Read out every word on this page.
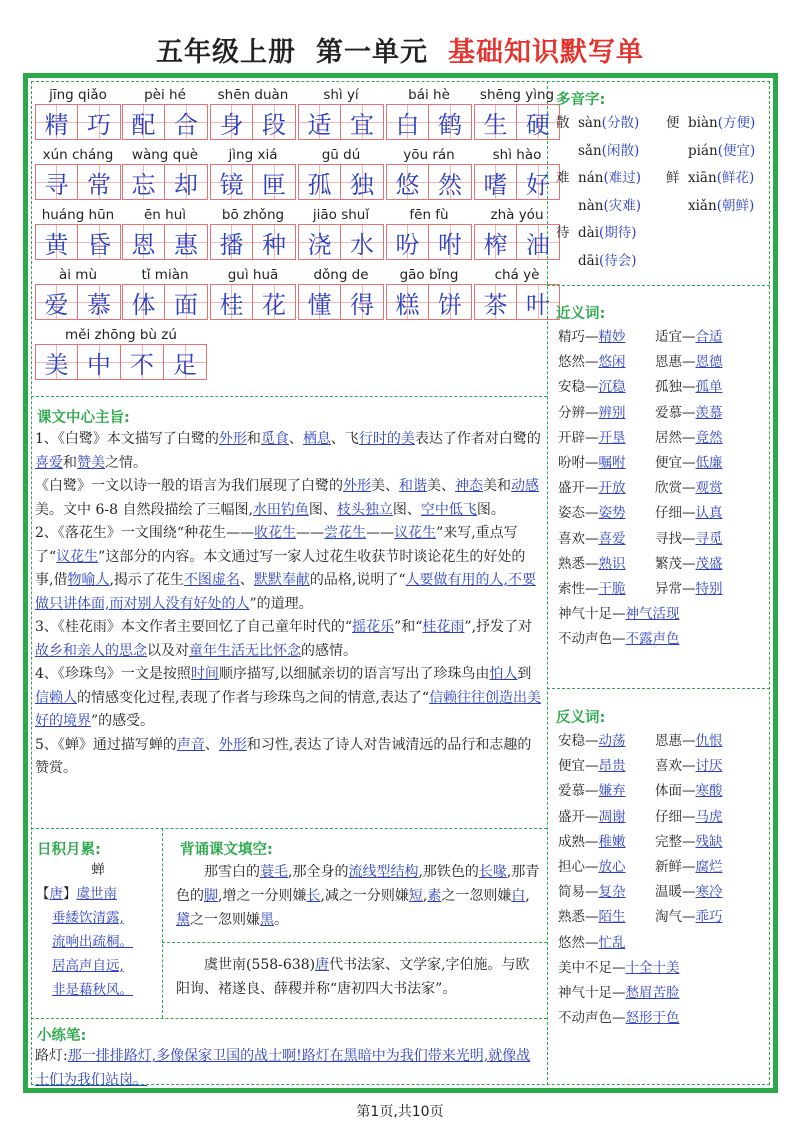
五年级上册 第一单元 基础知识默写单
jīng qiǎo
精 巧
pèi hé
配 合
shēn duàn
身 段
shì yí
适 宜
bái hè
白 鹤
shēng yìng
生 硬
xún cháng
寻 常
wàng què
忘 却
jìng xiá
镜 匣
gū dú
孤 独
yōu rán
悠 然
shì hào
嗜 好
huáng hūn
黄 昏
ēn huì
恩 惠
bō zhǒng
播 种
jiāo shuǐ
浇 水
fēn fù
吩 咐
zhà yóu
榨 油
ài mù
爱 慕
tǐ miàn
体 面
guì huā
桂 花
dǒng de
懂 得
gāo bǐng
糕 饼
chá yè
茶 叶
měi zhōng bù zú
美 中 不 足
课文中心主旨:
1、《白鹭》本文描写了白鹭的外形和觅食、栖息、飞行时的美表达了作者对白鹭的喜爱和赞美之情。
《白鹭》一文以诗一般的语言为我们展现了白鹭的外形美、和谐美、神态美和动感美。文中 6-8 自然段描绘了三幅图,水田钓鱼图、枝头独立图、空中低飞图。
2、《落花生》一文围绕“种花生——收花生——尝花生——议花生”来写,重点写了“议花生”这部分的内容。本文通过写一家人过花生收获节时谈论花生的好处的事,借物喻人,揭示了花生不图虚名、默默奉献的品格,说明了“人要做有用的人,不要做只讲体面,而对别人没有好处的人”的道理。
3、《桂花雨》本文作者主要回忆了自己童年时代的“摇花乐”和“桂花雨”,抒发了对故乡和亲人的思念以及对童年生活无比怀念的感情。
4、《珍珠鸟》一文是按照时间顺序描写,以细腻亲切的语言写出了珍珠鸟由怕人到信赖人的情感变化过程,表现了作者与珍珠鸟之间的情意,表达了“信赖往往创造出美好的境界”的感受。
5、《蝉》通过描写蝉的声音、外形和习性,表达了诗人对告诫清远的品行和志趣的赞赏。
日积月累:
蝉
【唐】虞世南
垂緌饮清露,
流响出疏桐。
居高声自远,
非是藉秋风。
背诵课文填空:
那雪白的蓑毛,那全身的流线型结构,那铁色的长喙,那青色的脚,增之一分则嫌长,减之一分则嫌短,素之一忽则嫌白,黛之一忽则嫌黑。
虞世南(558-638)唐代书法家、文学家,字伯施。与欧阳询、褚遂良、薛稷并称“唐初四大书法家”。
小练笔:
路灯:那一排排路灯,多像保家卫国的战士啊!路灯在黑暗中为我们带来光明,就像战士们为我们站岗。
多音字:
散 sàn(分散) 便 biàn(方便)
sǎn(闲散)	pián(便宜)
难 nán(难过) 鲜 xiān(鲜花)
nàn(灾难)	xiǎn(朝鲜)
待 dài(期待)
dāi(待会)
近义词:
精巧—精妙 适宜—合适
悠然—悠闲 恩惠—恩德
安稳—沉稳 孤独—孤单
分辨—辨别 爱慕—羡慕
开辟—开垦 居然—竟然
吩咐—嘱咐 便宜—低廉
盛开—开放 欣赏—观赏
姿态—姿势 仔细—认真
喜欢—喜爱 寻找—寻觅
熟悉—熟识 繁茂—茂盛
索性—干脆 异常—特别
神气十足—神气活现
不动声色—不露声色
反义词:
安稳—动荡 恩惠—仇恨
便宜—昂贵 喜欢—讨厌
爱慕—嫌弃 体面—寒酸
盛开—凋谢 仔细—马虎
成熟—稚嫩 完整—残缺
担心—放心 新鲜—腐烂
简易—复杂 温暖—寒冷
熟悉—陌生 淘气—乖巧
悠然—忙乱
美中不足—十全十美
神气十足—愁眉苦脸
不动声色—怒形于色
第1页,共10页
